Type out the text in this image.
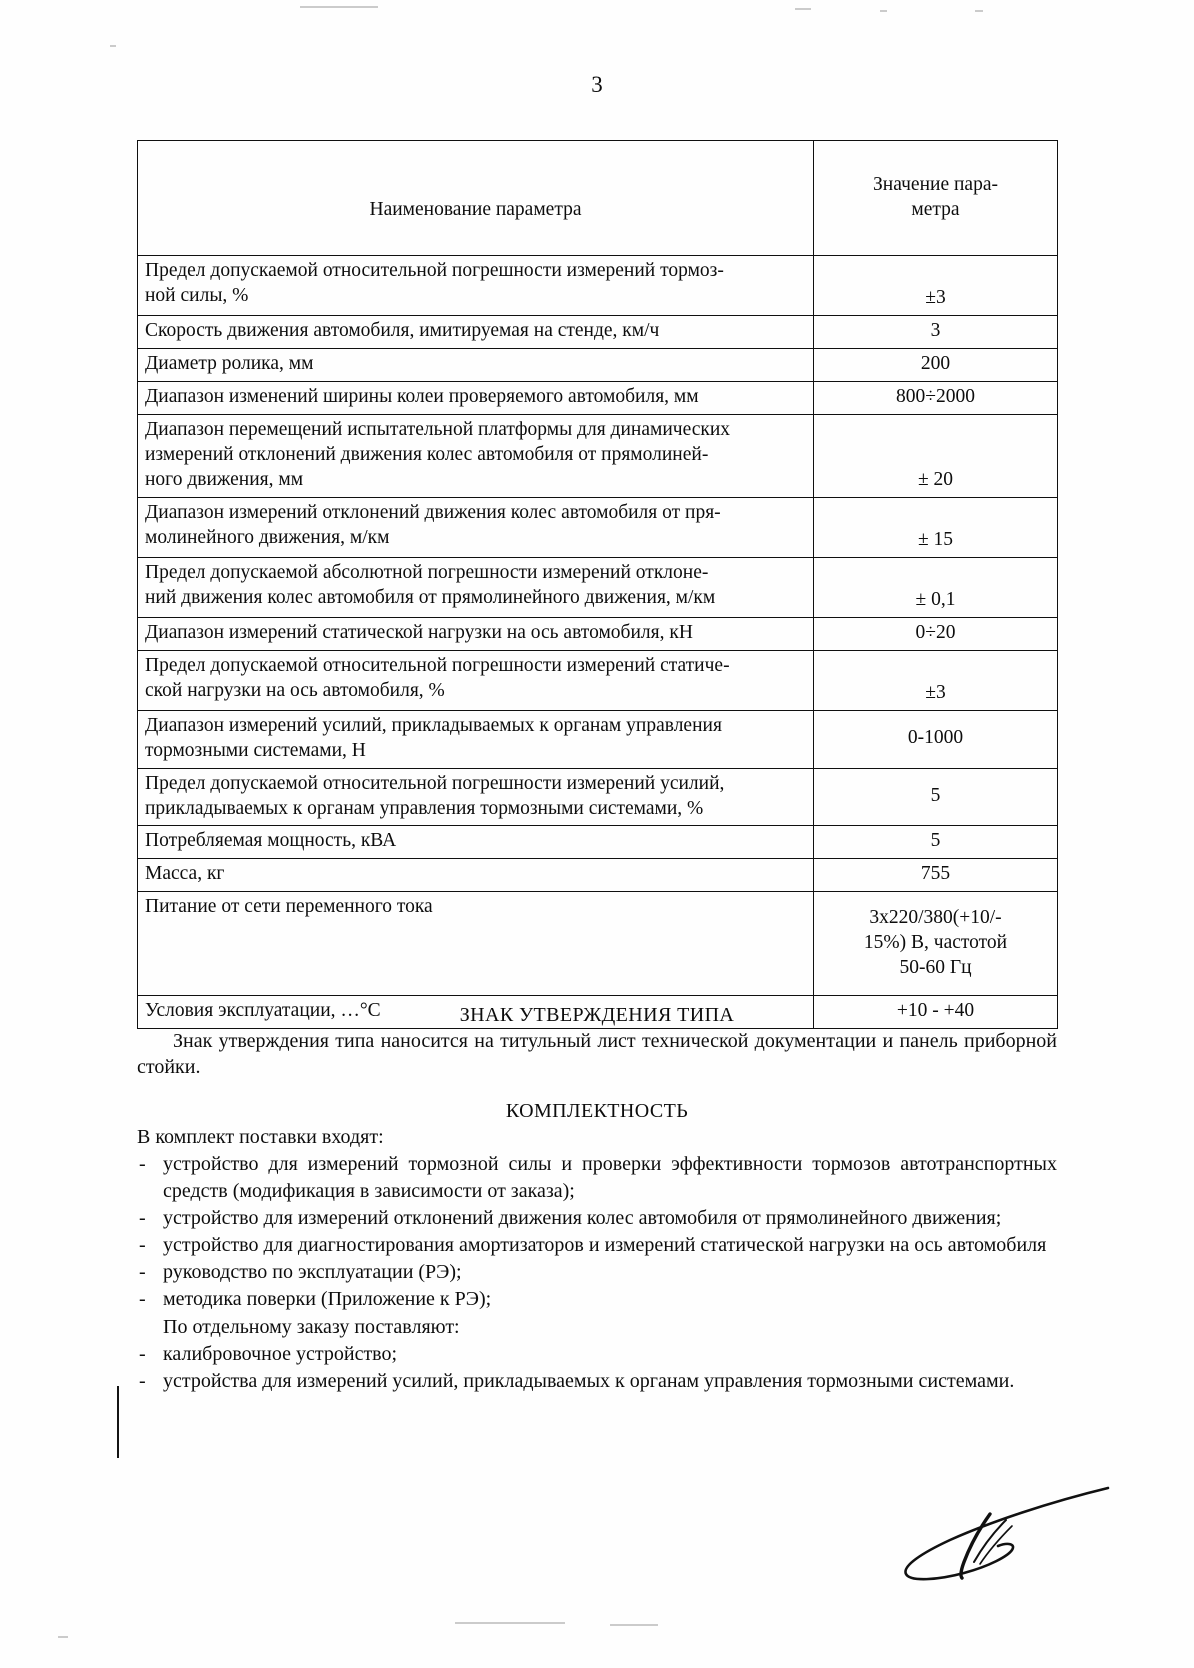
3
Наименование параметра	Значение пара-
метра
Предел допускаемой относительной погрешности измерений тормоз-
ной силы, %	±3
Скорость движения автомобиля, имитируемая на стенде, км/ч	3
Диаметр ролика, мм	200
Диапазон изменений ширины колеи проверяемого автомобиля, мм	800÷2000
Диапазон перемещений испытательной платформы для динамических измерений отклонений движения колес автомобиля от прямолиней-
ного движения, мм	± 20
Диапазон измерений отклонений движения колес автомобиля от пря-
молинейного движения, м/км	± 15
Предел допускаемой абсолютной погрешности измерений отклоне-
ний движения колес автомобиля от прямолинейного движения, м/км	± 0,1
Диапазон измерений статической нагрузки на ось автомобиля, кН	0÷20
Предел допускаемой относительной погрешности измерений статиче-
ской нагрузки на ось автомобиля, %	±3
Диапазон измерений усилий, прикладываемых к органам управления тормозными системами, Н	0-1000
Предел допускаемой относительной погрешности измерений усилий, прикладываемых к органам управления тормозными системами, %	5
Потребляемая мощность, кВА	5
Масса, кг	755
Питание от сети переменного тока	3х220/380(+10/-
15%) В, частотой
50-60 Гц
Условия эксплуатации, …°С	+10 - +40
ЗНАК УТВЕРЖДЕНИЯ ТИПА
Знак утверждения типа наносится на титульный лист технической документации и панель приборной стойки.
КОМПЛЕКТНОСТЬ
В комплект поставки входят:
- устройство для измерений тормозной силы и проверки эффективности тормозов автотранспортных средств (модификация в зависимости от заказа);
- устройство для измерений отклонений движения колес автомобиля от прямолинейного движения;
- устройство для диагностирования амортизаторов и измерений статической нагрузки на ось автомобиля
- руководство по эксплуатации (РЭ);
- методика поверки (Приложение к РЭ);
По отдельному заказу поставляют:
- калибровочное устройство;
- устройства для измерений усилий, прикладываемых к органам управления тормозными системами.
